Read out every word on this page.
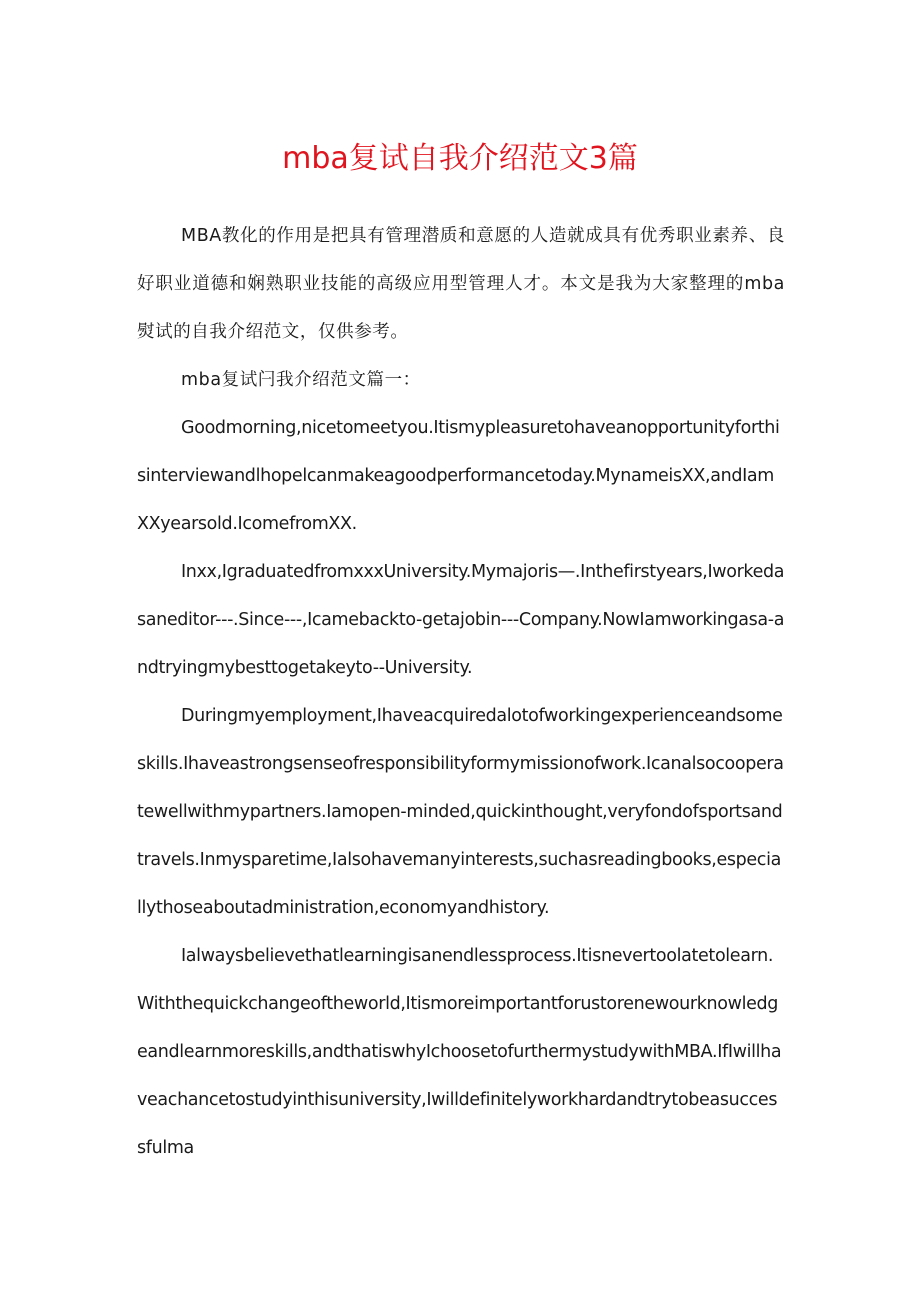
mba复试自我介绍范文3篇

MBA教化的作用是把具有管理潜质和意愿的人造就成具有优秀职业素养、良好职业道德和娴熟职业技能的高级应用型管理人才。本文是我为大家整理的mba熨试的自我介绍范文，仅供参考。

mba复试闩我介绍范文篇一：

Goodmorning,nicetomeetyou.Itismypleasuretohaveanopportunityforthisinterviewandlhopelcanmakeagoodperformancetoday.MynameisXX,andIamXXyearsold.IcomefromXX.

Inxx,IgraduatedfromxxxUniversity.Mymajoris—.Inthefirstyears,Iworkedasaneditor---.Since---,Icamebackto-getajobin---Company.NowIamworkingasa-andtryingmybesttogetakeyto--University.

Duringmyemployment,Ihaveacquiredalotofworkingexperienceandsomeskills.Ihaveastrongsenseofresponsibilityformymissionofwork.Icanalsocooperatewellwithmypartners.Iamopen-minded,quickinthought,veryfondofsportsandtravels.Inmysparetime,Ialsohavemanyinterests,suchasreadingbooks,especiallythoseaboutadministration,economyandhistory.

Ialwaysbelievethatlearningisanendlessprocess.Itisnevertoolatetolearn.Withthequickchangeoftheworld,Itismoreimportantforustorenewourknowledgeandlearnmoreskills,andthatiswhyIchoosetofurthermystudywithMBA.IfIwillhaveachancetostudyinthisuniversity,Iwilldefinitelyworkhardandtrytobeasuccessfulma
